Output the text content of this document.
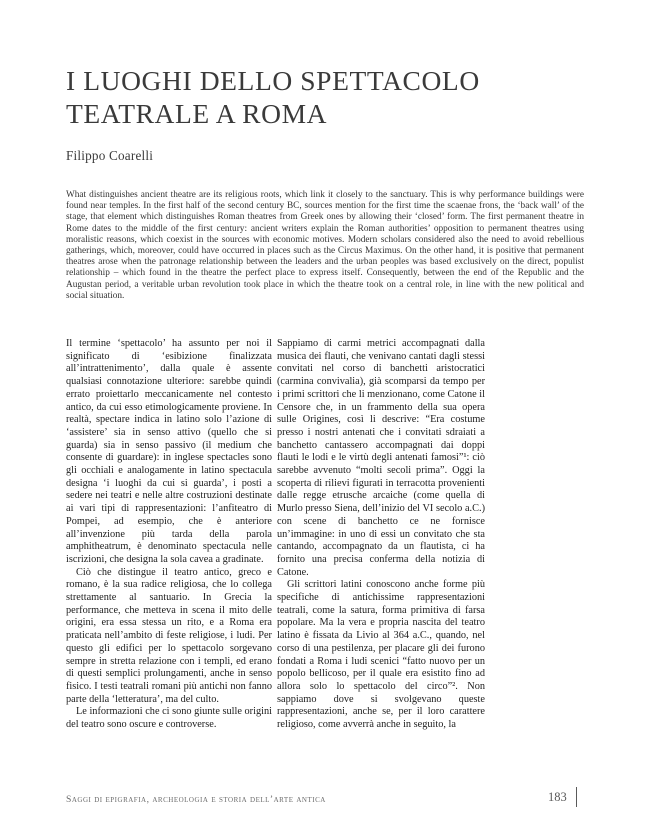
I LUOGHI DELLO SPETTACOLO
TEATRALE A ROMA
Filippo Coarelli

What distinguishes ancient theatre are its religious roots, which link it closely to the sanctuary. This is why performance buildings were found near temples. In the first half of the second century BC, sources mention for the first time the scaenae frons, the ‘back wall’ of the stage, that element which distinguishes Roman theatres from Greek ones by allowing their ‘closed’ form. The first permanent theatre in Rome dates to the middle of the first century: ancient writers explain the Roman authorities’ opposition to permanent theatres using moralistic reasons, which coexist in the sources with economic motives. Modern scholars considered also the need to avoid rebellious gatherings, which, moreover, could have occurred in places such as the Circus Maximus. On the other hand, it is positive that permanent theatres arose when the patronage relationship between the leaders and the urban peoples was based exclusively on the direct, populist relationship – which found in the theatre the perfect place to express itself. Consequently, between the end of the Republic and the Augustan period, a veritable urban revolution took place in which the theatre took on a central role, in line with the new political and social situation.

Il termine ‘spettacolo’ ha assunto per noi il significato di ‘esibizione finalizzata all’intrattenimento’, dalla quale è assente qualsiasi connotazione ulteriore: sarebbe quindi errato proiettarlo meccanicamente nel contesto antico, da cui esso etimologicamente proviene. In realtà, spectare indica in latino solo l’azione di ‘assistere’ sia in senso attivo (quello che si guarda) sia in senso passivo (il medium che consente di guardare): in inglese spectacles sono gli occhiali e analogamente in latino spectacula designa ‘i luoghi da cui si guarda’, i posti a sedere nei teatri e nelle altre costruzioni destinate ai vari tipi di rappresentazioni: l’anfiteatro di Pompei, ad esempio, che è anteriore all’invenzione più tarda della parola amphitheatrum, è denominato spectacula nelle iscrizioni, che designa la sola cavea a gradinate.

Ciò che distingue il teatro antico, greco e romano, è la sua radice religiosa, che lo collega strettamente al santuario. In Grecia la performance, che metteva in scena il mito delle origini, era essa stessa un rito, e a Roma era praticata nell’ambito di feste religiose, i ludi. Per questo gli edifici per lo spettacolo sorgevano sempre in stretta relazione con i templi, ed erano di questi semplici prolungamenti, anche in senso fisico. I testi teatrali romani più antichi non fanno parte della ‘letteratura’, ma del culto.

Le informazioni che ci sono giunte sulle origini del teatro sono oscure e controverse.

Sappiamo di carmi metrici accompagnati dalla musica dei flauti, che venivano cantati dagli stessi convitati nel corso di banchetti aristocratici (carmina convivalia), già scomparsi da tempo per i primi scrittori che li menzionano, come Catone il Censore che, in un frammento della sua opera sulle Origines, così li descrive: “Era costume presso i nostri antenati che i convitati sdraiati a banchetto cantassero accompagnati dai doppi flauti le lodi e le virtù degli antenati famosi”¹: ciò sarebbe avvenuto “molti secoli prima”. Oggi la scoperta di rilievi figurati in terracotta provenienti dalle regge etrusche arcaiche (come quella di Murlo presso Siena, dell’inizio del VI secolo a.C.) con scene di banchetto ce ne fornisce un’immagine: in uno di essi un convitato che sta cantando, accompagnato da un flautista, ci ha fornito una precisa conferma della notizia di Catone.

Gli scrittori latini conoscono anche forme più specifiche di antichissime rappresentazioni teatrali, come la satura, forma primitiva di farsa popolare. Ma la vera e propria nascita del teatro latino è fissata da Livio al 364 a.C., quando, nel corso di una pestilenza, per placare gli dei furono fondati a Roma i ludi scenici “fatto nuovo per un popolo bellicoso, per il quale era esistito fino ad allora solo lo spettacolo del circo”². Non sappiamo dove si svolgevano queste rappresentazioni, anche se, per il loro carattere religioso, come avverrà anche in seguito, la

Saggi di epigrafia, archeologia e storia dell’arte antica	183
